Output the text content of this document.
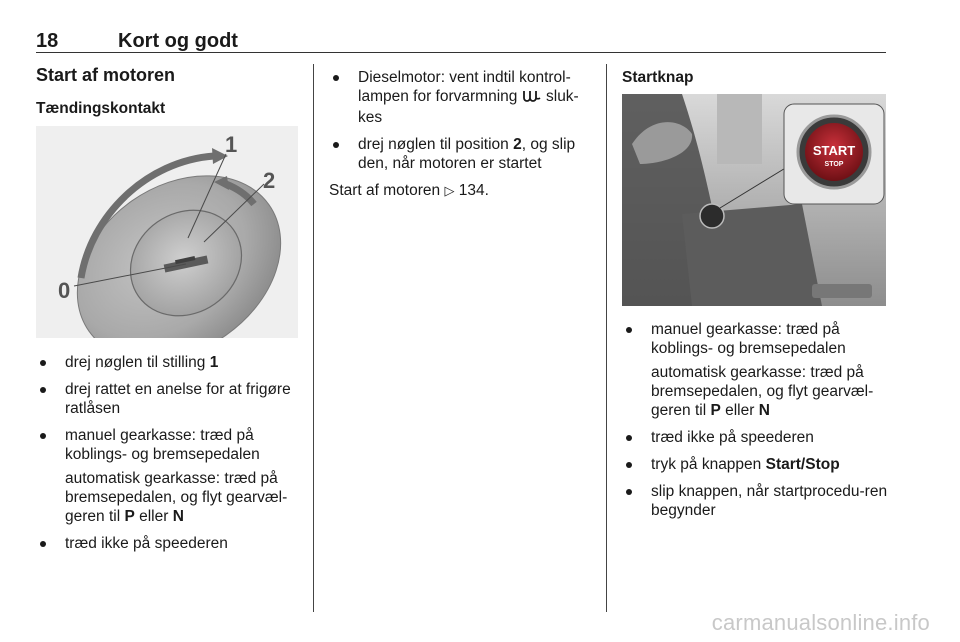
18	Kort og godt
Start af motoren
Tændingskontakt
0
1
2
drej nøglen til stilling 1
drej rattet en anelse for at frigøre ratlåsen
manuel gearkasse: træd på koblings- og bremsepedalen
automatisk gearkasse: træd på bremsepedalen, og flyt gearvæl-geren til P eller N
træd ikke på speederen
Dieselmotor: vent indtil kontrol-lampen for forvarmning  sluk-kes
drej nøglen til position 2, og slip den, når motoren er startet
Start af motoren ▷ 134.
Startknap
START
STOP
manuel gearkasse: træd på koblings- og bremsepedalen
automatisk gearkasse: træd på bremsepedalen, og flyt gearvæl-geren til P eller N
træd ikke på speederen
tryk på knappen Start/Stop
slip knappen, når startprocedu-ren begynder
carmanualsonline.info
